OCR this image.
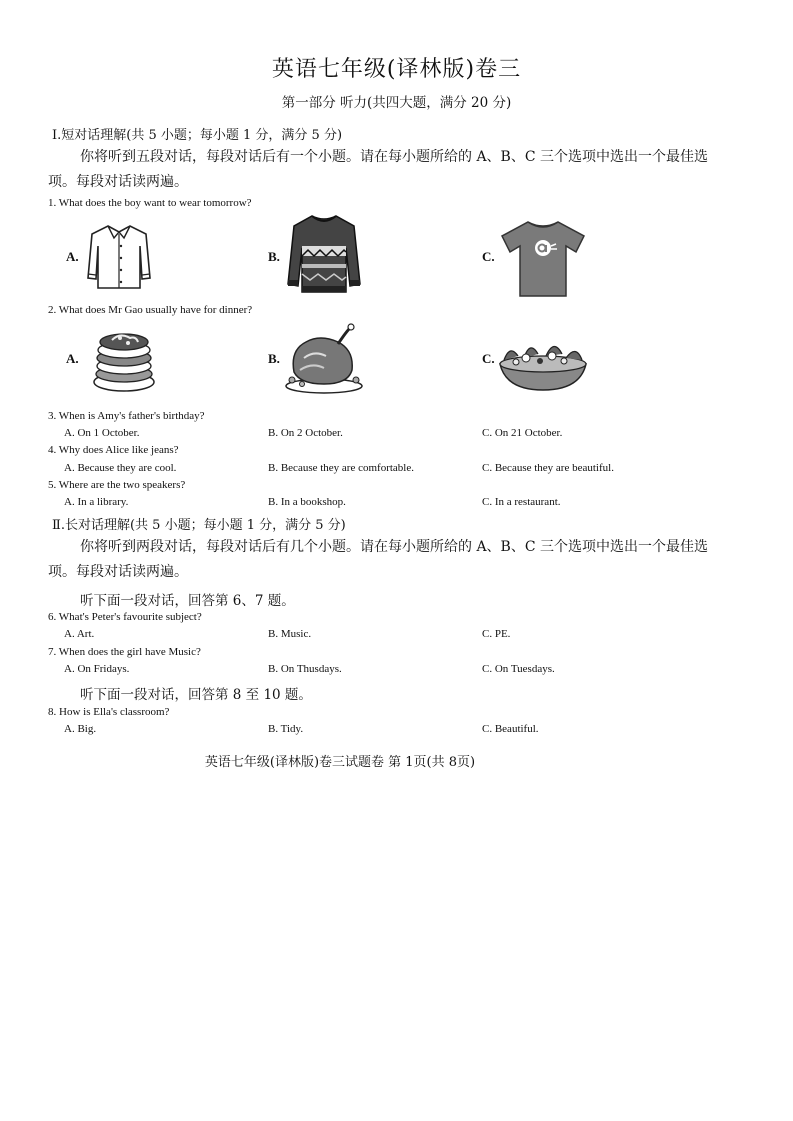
英语七年级(译林版)卷三
第一部分 听力(共四大题，满分 20 分)
Ⅰ.短对话理解(共 5 小题；每小题 1 分，满分 5 分)
你将听到五段对话，每段对话后有一个小题。请在每小题所给的 A、B、C 三个选项中选出一个最佳选
项。每段对话读两遍。
1. What does the boy want to wear tomorrow?
A.	B.	C.
2. What does Mr Gao usually have for dinner?
A.	B.	C.
3. When is Amy's father's birthday?
A. On 1 October.	B. On 2 October.	C. On 21 October.
4. Why does Alice like jeans?
A. Because they are cool.	B. Because they are comfortable.	C. Because they are beautiful.
5. Where are the two speakers?
A. In a library.	B. In a bookshop.	C. In a restaurant.
Ⅱ.长对话理解(共 5 小题；每小题 1 分，满分 5 分)
你将听到两段对话，每段对话后有几个小题。请在每小题所给的 A、B、C 三个选项中选出一个最佳选
项。每段对话读两遍。
听下面一段对话，回答第 6、7 题。
6. What's Peter's favourite subject?
A. Art.	B. Music.	C. PE.
7. When does the girl have Music?
A. On Fridays.	B. On Thusdays.	C. On Tuesdays.
听下面一段对话，回答第 8 至 10 题。
8. How is Ella's classroom?
A. Big.	B. Tidy.	C. Beautiful.
英语七年级(译林版)卷三试题卷 第 1页(共 8页)
